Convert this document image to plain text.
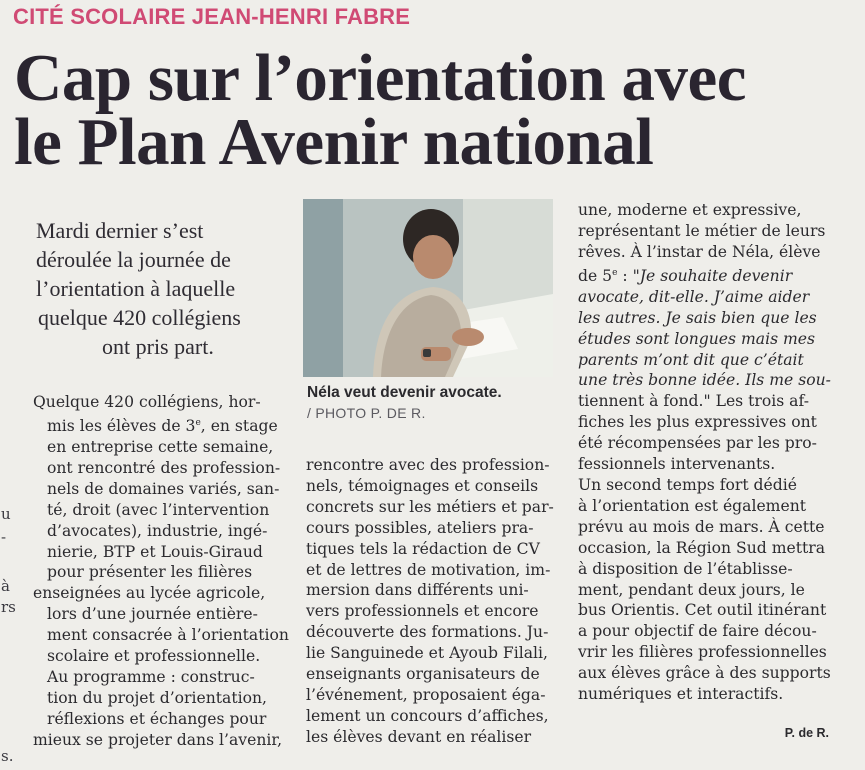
CITÉ SCOLAIRE JEAN-HENRI FABRE
Cap sur l’orientation avec
le Plan Avenir national
Mardi dernier s’est
déroulée la journée de
l’orientation à laquelle
quelque 420 collégiens
ont pris part.
Néla veut devenir avocate.
/ PHOTO P. DE R.
Quelque 420 collégiens, hor-
mis les élèves de 3e, en stage
en entreprise cette semaine,
ont rencontré des profession-
nels de domaines variés, san-
té, droit (avec l’intervention
d’avocates), industrie, ingé-
nierie, BTP et Louis-Giraud
pour présenter les filières
enseignées au lycée agricole,
lors d’une journée entière-
ment consacrée à l’orientation
scolaire et professionnelle.
Au programme : construc-
tion du projet d’orientation,
réflexions et échanges pour
mieux se projeter dans l’avenir,
rencontre avec des profession-
nels, témoignages et conseils
concrets sur les métiers et par-
cours possibles, ateliers pra-
tiques tels la rédaction de CV
et de lettres de motivation, im-
mersion dans différents uni-
vers professionnels et encore
découverte des formations. Ju-
lie Sanguinede et Ayoub Filali,
enseignants organisateurs de
l’événement, proposaient éga-
lement un concours d’affiches,
les élèves devant en réaliser
une, moderne et expressive,
représentant le métier de leurs
rêves. À l’instar de Néla, élève
de 5e : "Je souhaite devenir
avocate, dit-elle. J’aime aider
les autres. Je sais bien que les
études sont longues mais mes
parents m’ont dit que c’était
une très bonne idée. Ils me sou-
tiennent à fond." Les trois af-
fiches les plus expressives ont
été récompensées par les pro-
fessionnels intervenants.
Un second temps fort dédié
à l’orientation est également
prévu au mois de mars. À cette
occasion, la Région Sud mettra
à disposition de l’établisse-
ment, pendant deux jours, le
bus Orientis. Cet outil itinérant
a pour objectif de faire décou-
vrir les filières professionnelles
aux élèves grâce à des supports
numériques et interactifs.
P. de R.
u
-
à
rs
s.
